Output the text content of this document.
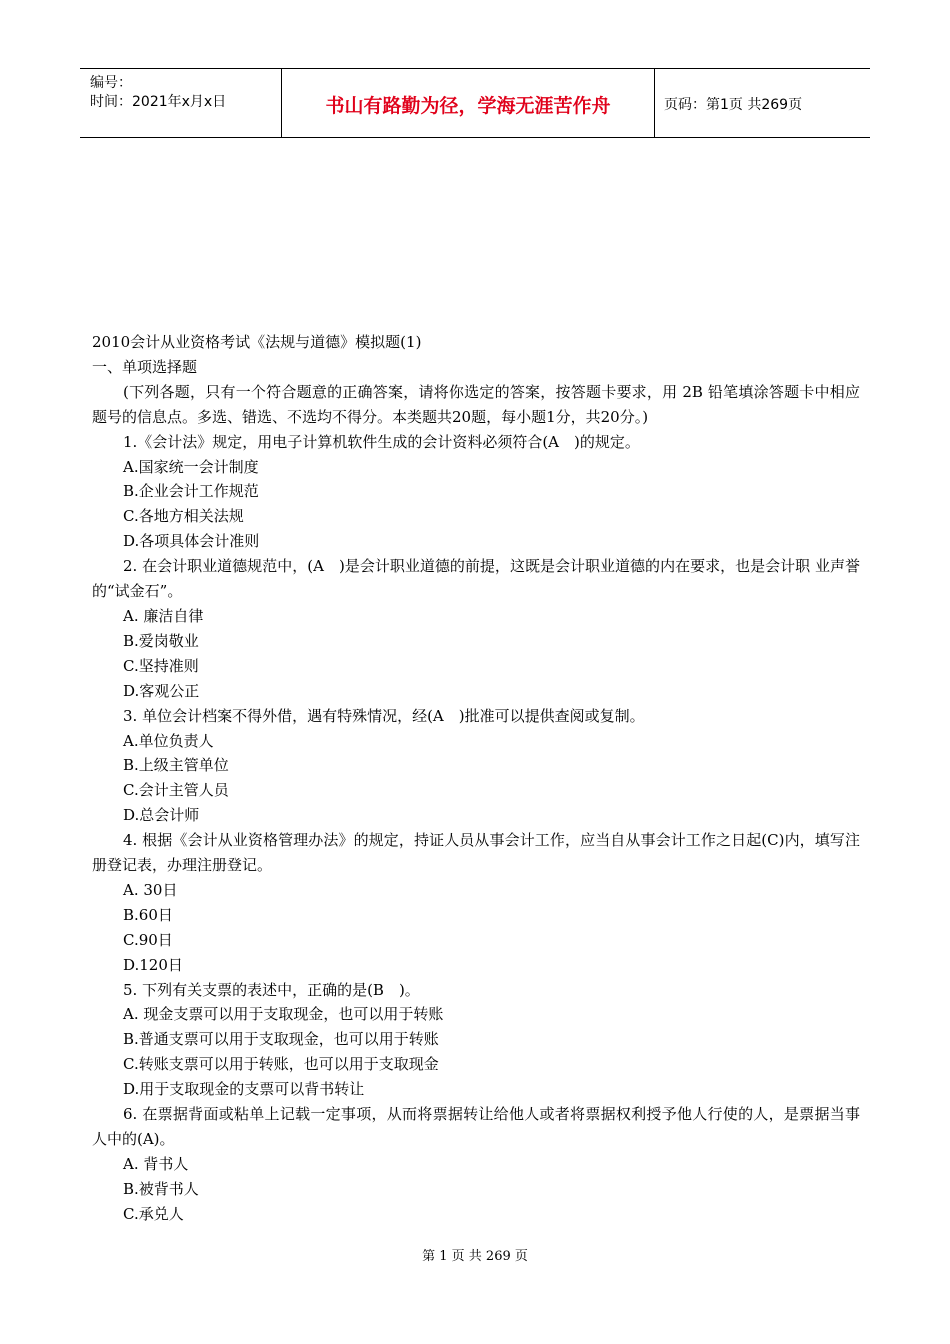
编号：
时间：2021年x月x日	书山有路勤为径，学海无涯苦作舟	页码：第1页 共269页

2010会计从业资格考试《法规与道德》模拟题(1)

一、单项选择题

(下列各题，只有一个符合题意的正确答案，请将你选定的答案，按答题卡要求，用 2B 铅笔填涂答题卡中相应题号的信息点。多选、错选、不选均不得分。本类题共20题，每小题1分，共20分。)

1.《会计法》规定，用电子计算机软件生成的会计资料必须符合(A　)的规定。

A.国家统一会计制度

B.企业会计工作规范

C.各地方相关法规

D.各项具体会计准则

2. 在会计职业道德规范中，(A　)是会计职业道德的前提，这既是会计职业道德的内在要求，也是会计职 业声誉的“试金石”。

A. 廉洁自律

B.爱岗敬业

C.坚持准则

D.客观公正

3. 单位会计档案不得外借，遇有特殊情况，经(A　)批准可以提供查阅或复制。

A.单位负责人

B.上级主管单位

C.会计主管人员

D.总会计师

4. 根据《会计从业资格管理办法》的规定，持证人员从事会计工作，应当自从事会计工作之日起(C)内，填写注册登记表，办理注册登记。

A. 30日

B.60日

C.90日

D.120日

5. 下列有关支票的表述中，正确的是(B　)。

A. 现金支票可以用于支取现金，也可以用于转账

B.普通支票可以用于支取现金，也可以用于转账

C.转账支票可以用于转账，也可以用于支取现金

D.用于支取现金的支票可以背书转让

6. 在票据背面或粘单上记载一定事项，从而将票据转让给他人或者将票据权利授予他人行使的人，是票据当事人中的(A)。

A. 背书人

B.被背书人

C.承兑人

第 1 页 共 269 页
